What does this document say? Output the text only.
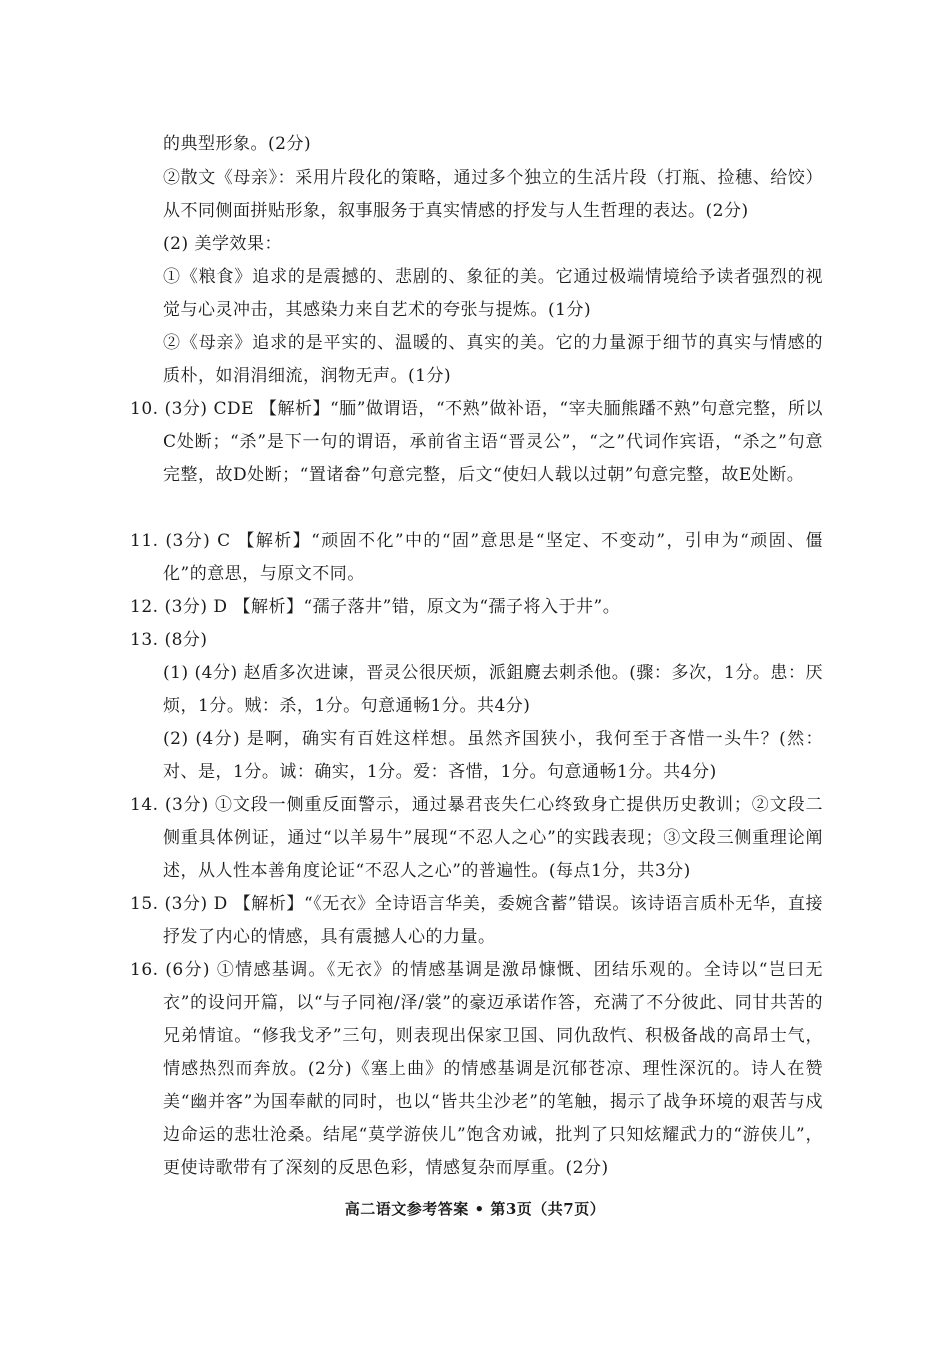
的典型形象。(2分)

②散文《母亲》：采用片段化的策略，通过多个独立的生活片段（打瓶、捡穗、给饺）从不同侧面拼贴形象，叙事服务于真实情感的抒发与人生哲理的表达。(2分)

(2) 美学效果：

①《粮食》追求的是震撼的、悲剧的、象征的美。它通过极端情境给予读者强烈的视觉与心灵冲击，其感染力来自艺术的夸张与提炼。(1分)

②《母亲》追求的是平实的、温暖的、真实的美。它的力量源于细节的真实与情感的质朴，如涓涓细流，润物无声。(1分)

10. (3分) CDE 【解析】“胹”做谓语，“不熟”做补语，“宰夫胹熊蹯不熟”句意完整，所以C处断；“杀”是下一句的谓语，承前省主语“晋灵公”，“之”代词作宾语，“杀之”句意完整，故D处断；“置诸畚”句意完整，后文“使妇人载以过朝”句意完整，故E处断。

11. (3分) C 【解析】“顽固不化”中的“固”意思是“坚定、不变动”，引申为“顽固、僵化”的意思，与原文不同。

12. (3分) D 【解析】“孺子落井”错，原文为“孺子将入于井”。

13. (8分)

(1) (4分) 赵盾多次进谏，晋灵公很厌烦，派鉏麑去刺杀他。(骤：多次，1分。患：厌烦，1分。贼：杀，1分。句意通畅1分。共4分)

(2) (4分) 是啊，确实有百姓这样想。虽然齐国狭小，我何至于吝惜一头牛？(然：对、是，1分。诚：确实，1分。爱：吝惜，1分。句意通畅1分。共4分)

14. (3分) ①文段一侧重反面警示，通过暴君丧失仁心终致身亡提供历史教训；②文段二侧重具体例证，通过“以羊易牛”展现“不忍人之心”的实践表现；③文段三侧重理论阐述，从人性本善角度论证“不忍人之心”的普遍性。(每点1分，共3分)

15. (3分) D 【解析】“《无衣》全诗语言华美，委婉含蓄”错误。该诗语言质朴无华，直接抒发了内心的情感，具有震撼人心的力量。

16. (6分) ①情感基调。《无衣》的情感基调是激昂慷慨、团结乐观的。全诗以“岂曰无衣”的设问开篇，以“与子同袍/泽/裳”的豪迈承诺作答，充满了不分彼此、同甘共苦的兄弟情谊。“修我戈矛”三句，则表现出保家卫国、同仇敌忾、积极备战的高昂士气，情感热烈而奔放。(2分)《塞上曲》的情感基调是沉郁苍凉、理性深沉的。诗人在赞美“幽并客”为国奉献的同时，也以“皆共尘沙老”的笔触，揭示了战争环境的艰苦与戍边命运的悲壮沧桑。结尾“莫学游侠儿”饱含劝诫，批判了只知炫耀武力的“游侠儿”，更使诗歌带有了深刻的反思色彩，情感复杂而厚重。(2分)

高二语文参考答案 • 第3页（共7页）
